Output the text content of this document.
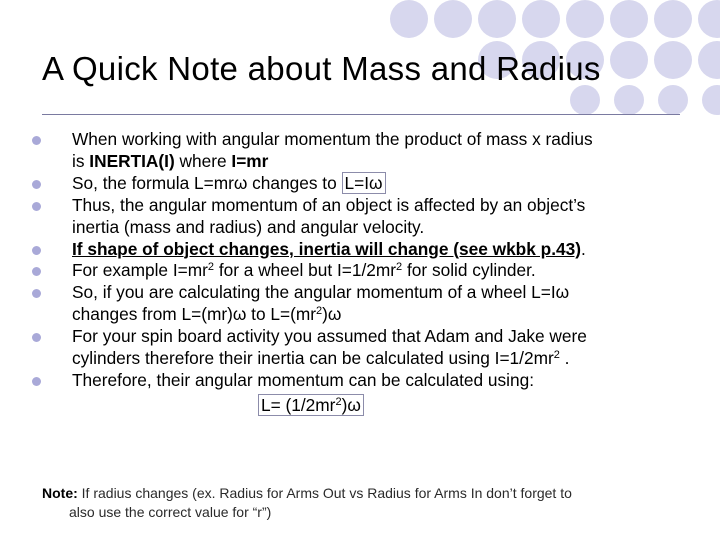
A Quick Note about Mass and Radius
When working with angular momentum the product of mass x radius
is INERTIA(I) where I=mr
So, the formula L=mrω changes to L=Iω
Thus, the angular momentum of an object is affected by an object’s
inertia (mass and radius) and angular velocity.
If shape of object changes, inertia will change (see wkbk p.43).
For example $I=mr^2$ for a wheel but $I=1/2mr^2$ for solid cylinder.
So, if you are calculating the angular momentum of a wheel L=Iω
changes from L=(mr)ω to $L=(mr^2)\omega$
For your spin board activity you assumed that Adam and Jake were
cylinders therefore their inertia can be calculated using $I=1/2mr^2$ .
Therefore, their angular momentum can be calculated using:
$L= (1/2mr^2)\omega$
Note: If radius changes (ex. Radius for Arms Out vs Radius for Arms In don’t forget to
also use the correct value for “r”)
